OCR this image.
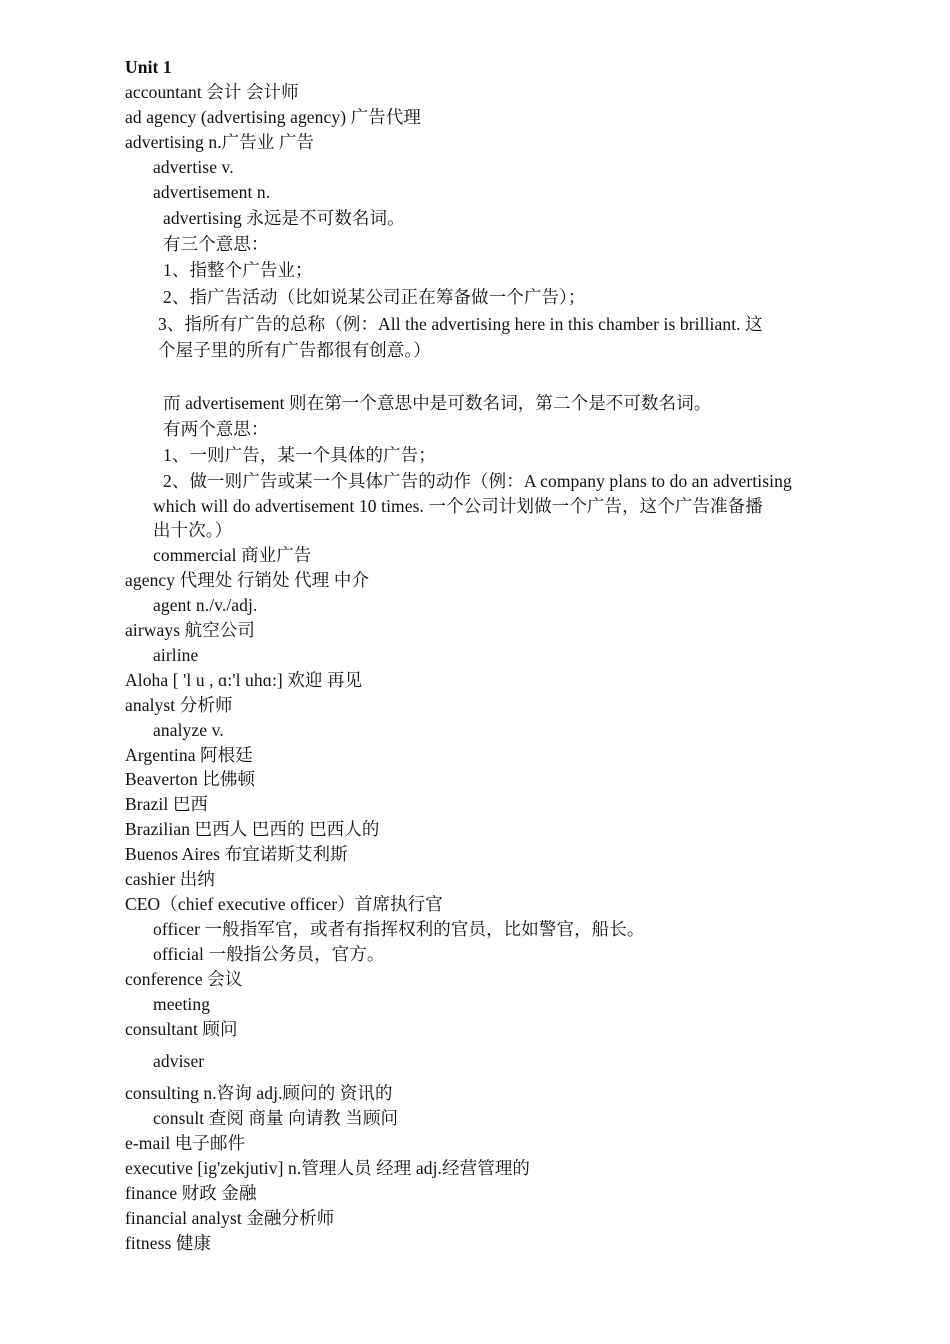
Unit 1
accountant 会计 会计师
ad agency (advertising agency) 广告代理
advertising n.广告业 广告
advertise v.
advertisement n.
advertising 永远是不可数名词。
有三个意思：
1、指整个广告业；
2、指广告活动（比如说某公司正在筹备做一个广告）；
3、指所有广告的总称（例：All the advertising here in this chamber is brilliant. 这
个屋子里的所有广告都很有创意。）
而 advertisement 则在第一个意思中是可数名词，第二个是不可数名词。
有两个意思：
1、一则广告，某一个具体的广告；
2、做一则广告或某一个具体广告的动作（例：A company plans to do an advertising
which will do advertisement 10 times. 一个公司计划做一个广告，这个广告准备播
出十次。）
commercial 商业广告
agency 代理处 行销处 代理 中介
agent n./v./adj.
airways 航空公司
airline
Aloha [ 'l u , ɑ:'l uhɑ:] 欢迎 再见
analyst 分析师
analyze v.
Argentina 阿根廷
Beaverton 比佛顿
Brazil 巴西
Brazilian 巴西人 巴西的 巴西人的
Buenos Aires 布宜诺斯艾利斯
cashier 出纳
CEO（chief executive officer）首席执行官
officer 一般指军官，或者有指挥权利的官员，比如警官，船长。
official 一般指公务员，官方。
conference 会议
meeting
consultant 顾问
adviser
consulting n.咨询 adj.顾问的 资讯的
consult 查阅 商量 向请教 当顾问
e-mail 电子邮件
executive [ig'zekjutiv] n.管理人员 经理 adj.经营管理的
finance 财政 金融
financial analyst 金融分析师
fitness 健康
